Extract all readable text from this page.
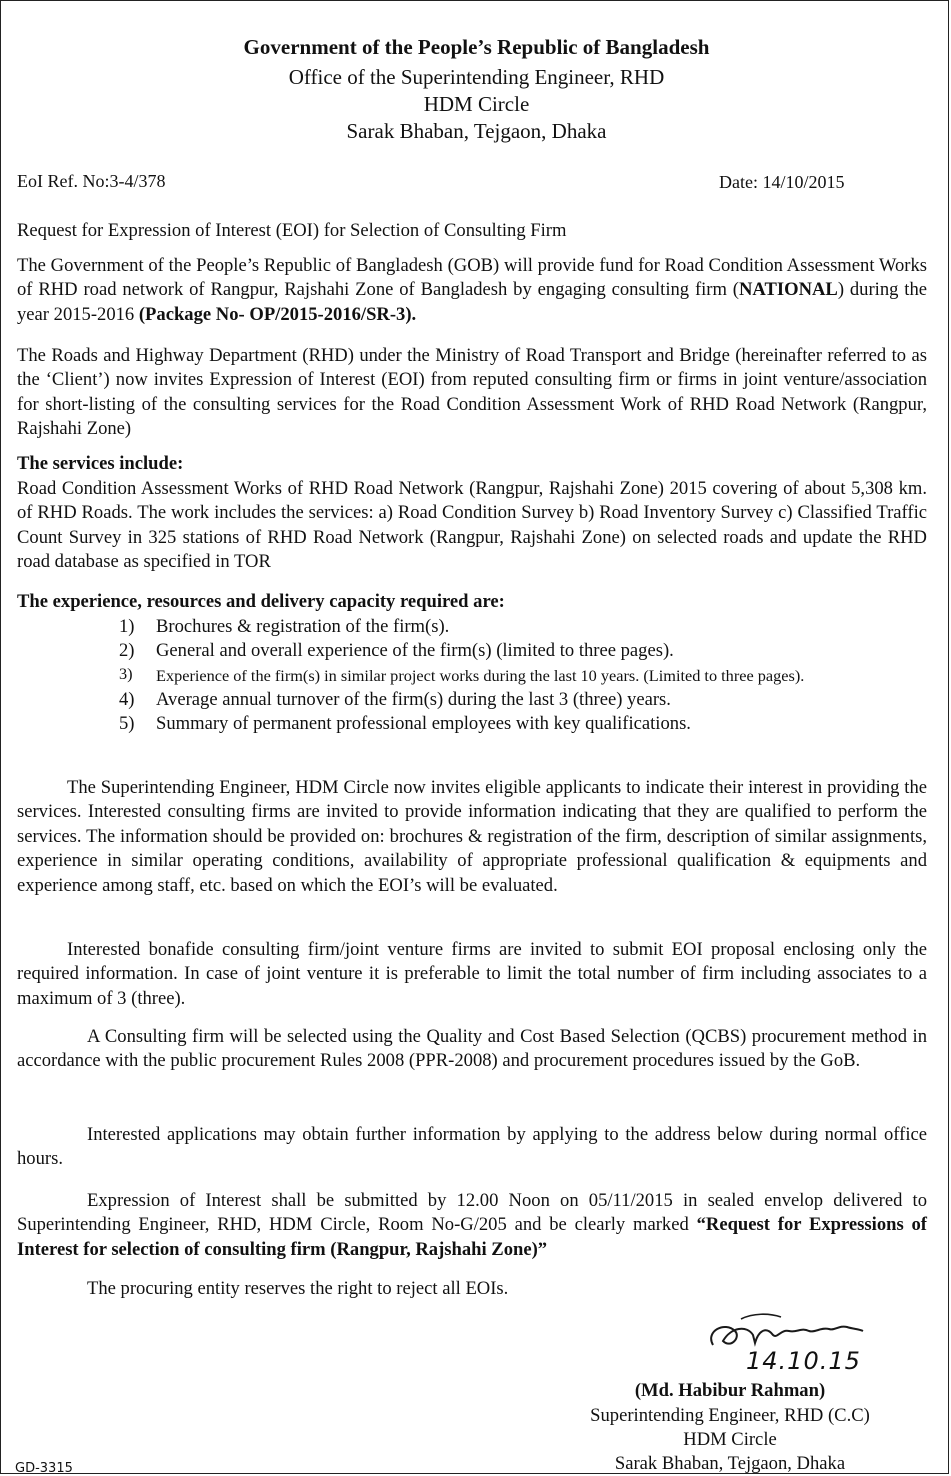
Government of the People’s Republic of Bangladesh
Office of the Superintending Engineer, RHD
HDM Circle
Sarak Bhaban, Tejgaon, Dhaka
EoI Ref. No:3-4/378	Date: 14/10/2015
Request for Expression of Interest (EOI) for Selection of Consulting Firm
The Government of the People’s Republic of Bangladesh (GOB) will provide fund for Road Condition Assessment Works of RHD road network of Rangpur, Rajshahi Zone of Bangladesh by engaging consulting firm (NATIONAL) during the year 2015-2016 (Package No- OP/2015-2016/SR-3).
The Roads and Highway Department (RHD) under the Ministry of Road Transport and Bridge (hereinafter referred to as the ‘Client’) now invites Expression of Interest (EOI) from reputed consulting firm or firms in joint venture/association for short-listing of the consulting services for the Road Condition Assessment Work of RHD Road Network (Rangpur, Rajshahi Zone)
The services include:
Road Condition Assessment Works of RHD Road Network (Rangpur, Rajshahi Zone) 2015 covering of about 5,308 km. of RHD Roads. The work includes the services: a) Road Condition Survey b) Road Inventory Survey c) Classified Traffic Count Survey in 325 stations of RHD Road Network (Rangpur, Rajshahi Zone) on selected roads and update the RHD road database as specified in TOR
The experience, resources and delivery capacity required are:
1) Brochures & registration of the firm(s).
2) General and overall experience of the firm(s) (limited to three pages).
3) Experience of the firm(s) in similar project works during the last 10 years. (Limited to three pages).
4) Average annual turnover of the firm(s) during the last 3 (three) years.
5) Summary of permanent professional employees with key qualifications.
The Superintending Engineer, HDM Circle now invites eligible applicants to indicate their interest in providing the services. Interested consulting firms are invited to provide information indicating that they are qualified to perform the services. The information should be provided on: brochures & registration of the firm, description of similar assignments, experience in similar operating conditions, availability of appropriate professional qualification & equipments and experience among staff, etc. based on which the EOI’s will be evaluated.
Interested bonafide consulting firm/joint venture firms are invited to submit EOI proposal enclosing only the required information. In case of joint venture it is preferable to limit the total number of firm including associates to a maximum of 3 (three).
A Consulting firm will be selected using the Quality and Cost Based Selection (QCBS) procurement method in accordance with the public procurement Rules 2008 (PPR-2008) and procurement procedures issued by the GoB.
Interested applications may obtain further information by applying to the address below during normal office hours.
Expression of Interest shall be submitted by 12.00 Noon on 05/11/2015 in sealed envelop delivered to Superintending Engineer, RHD, HDM Circle, Room No-G/205 and be clearly marked “Request for Expressions of Interest for selection of consulting firm (Rangpur, Rajshahi Zone)”
The procuring entity reserves the right to reject all EOIs.
14.10.15
(Md. Habibur Rahman)
Superintending Engineer, RHD (C.C)
HDM Circle
Sarak Bhaban, Tejgaon, Dhaka
GD-3315
